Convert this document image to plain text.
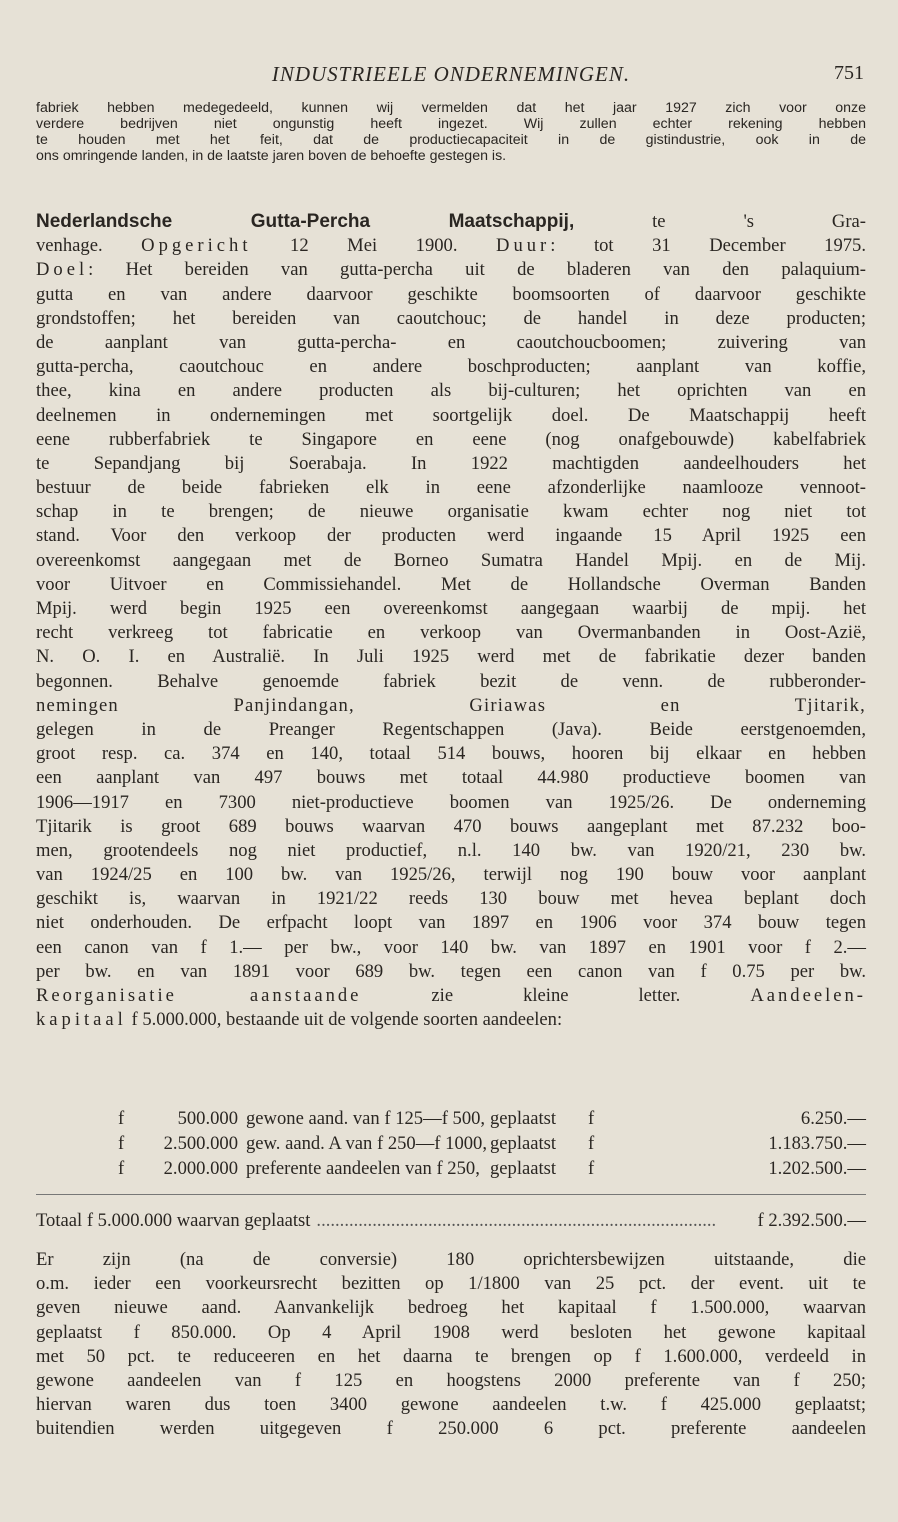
INDUSTRIEELE ONDERNEMINGEN.	751
fabriek hebben medegedeeld, kunnen wij vermelden dat het jaar 1927 zich voor onze
verdere bedrijven niet ongunstig heeft ingezet. Wij zullen echter rekening hebben
te houden met het feit, dat de productiecapaciteit in de gistindustrie, ook in de
ons omringende landen, in de laatste jaren boven de behoefte gestegen is.
Nederlandsche Gutta-Percha Maatschappij, te 's Gra-
venhage. Opgericht 12 Mei 1900. Duur: tot 31 December 1975.
Doel: Het bereiden van gutta-percha uit de bladeren van den palaquium-
gutta en van andere daarvoor geschikte boomsoorten of daarvoor geschikte
grondstoffen; het bereiden van caoutchouc; de handel in deze producten;
de aanplant van gutta-percha- en caoutchoucboomen; zuivering van
gutta-percha, caoutchouc en andere boschproducten; aanplant van koffie,
thee, kina en andere producten als bij-culturen; het oprichten van en
deelnemen in ondernemingen met soortgelijk doel. De Maatschappij heeft
eene rubberfabriek te Singapore en eene (nog onafgebouwde) kabelfabriek
te Sepandjang bij Soerabaja. In 1922 machtigden aandeelhouders het
bestuur de beide fabrieken elk in eene afzonderlijke naamlooze vennoot-
schap in te brengen; de nieuwe organisatie kwam echter nog niet tot
stand. Voor den verkoop der producten werd ingaande 15 April 1925 een
overeenkomst aangegaan met de Borneo Sumatra Handel Mpij. en de Mij.
voor Uitvoer en Commissiehandel. Met de Hollandsche Overman Banden
Mpij. werd begin 1925 een overeenkomst aangegaan waarbij de mpij. het
recht verkreeg tot fabricatie en verkoop van Overmanbanden in Oost-Azië,
N. O. I. en Australië. In Juli 1925 werd met de fabrikatie dezer banden
begonnen. Behalve genoemde fabriek bezit de venn. de rubberonder-
nemingen Panjindangan, Giriawas en Tjitarik,
gelegen in de Preanger Regentschappen (Java). Beide eerstgenoemden,
groot resp. ca. 374 en 140, totaal 514 bouws, hooren bij elkaar en hebben
een aanplant van 497 bouws met totaal 44.980 productieve boomen van
1906—1917 en 7300 niet-productieve boomen van 1925/26. De onderneming
Tjitarik is groot 689 bouws waarvan 470 bouws aangeplant met 87.232 boo-
men, grootendeels nog niet productief, n.l. 140 bw. van 1920/21, 230 bw.
van 1924/25 en 100 bw. van 1925/26, terwijl nog 190 bouw voor aanplant
geschikt is, waarvan in 1921/22 reeds 130 bouw met hevea beplant doch
niet onderhouden. De erfpacht loopt van 1897 en 1906 voor 374 bouw tegen
een canon van f 1.— per bw., voor 140 bw. van 1897 en 1901 voor f 2.—
per bw. en van 1891 voor 689 bw. tegen een canon van f 0.75 per bw.
Reorganisatie aanstaande zie kleine letter. Aandeelen-
kapitaal f 5.000.000, bestaande uit de volgende soorten aandeelen:
f	500.000 gewone aand. van f 125—f 500, geplaatst	f	6.250.—
f	2.500.000 gew. aand. A van f 250—f 1000, geplaatst	f	1.183.750.—
f	2.000.000 preferente aandeelen van f 250, geplaatst	f	1.202.500.—
Totaal f 5.000.000 waarvan geplaatst ......................................................................................	f 2.392.500.—
Er zijn (na de conversie) 180 oprichtersbewijzen uitstaande, die
o.m. ieder een voorkeursrecht bezitten op 1/1800 van 25 pct. der event. uit te
geven nieuwe aand. Aanvankelijk bedroeg het kapitaal f 1.500.000, waarvan
geplaatst f 850.000. Op 4 April 1908 werd besloten het gewone kapitaal
met 50 pct. te reduceeren en het daarna te brengen op f 1.600.000, verdeeld in
gewone aandeelen van f 125 en hoogstens 2000 preferente van f 250;
hiervan waren dus toen 3400 gewone aandeelen t.w. f 425.000 geplaatst;
buitendien werden uitgegeven f 250.000 6 pct. preferente aandeelen
